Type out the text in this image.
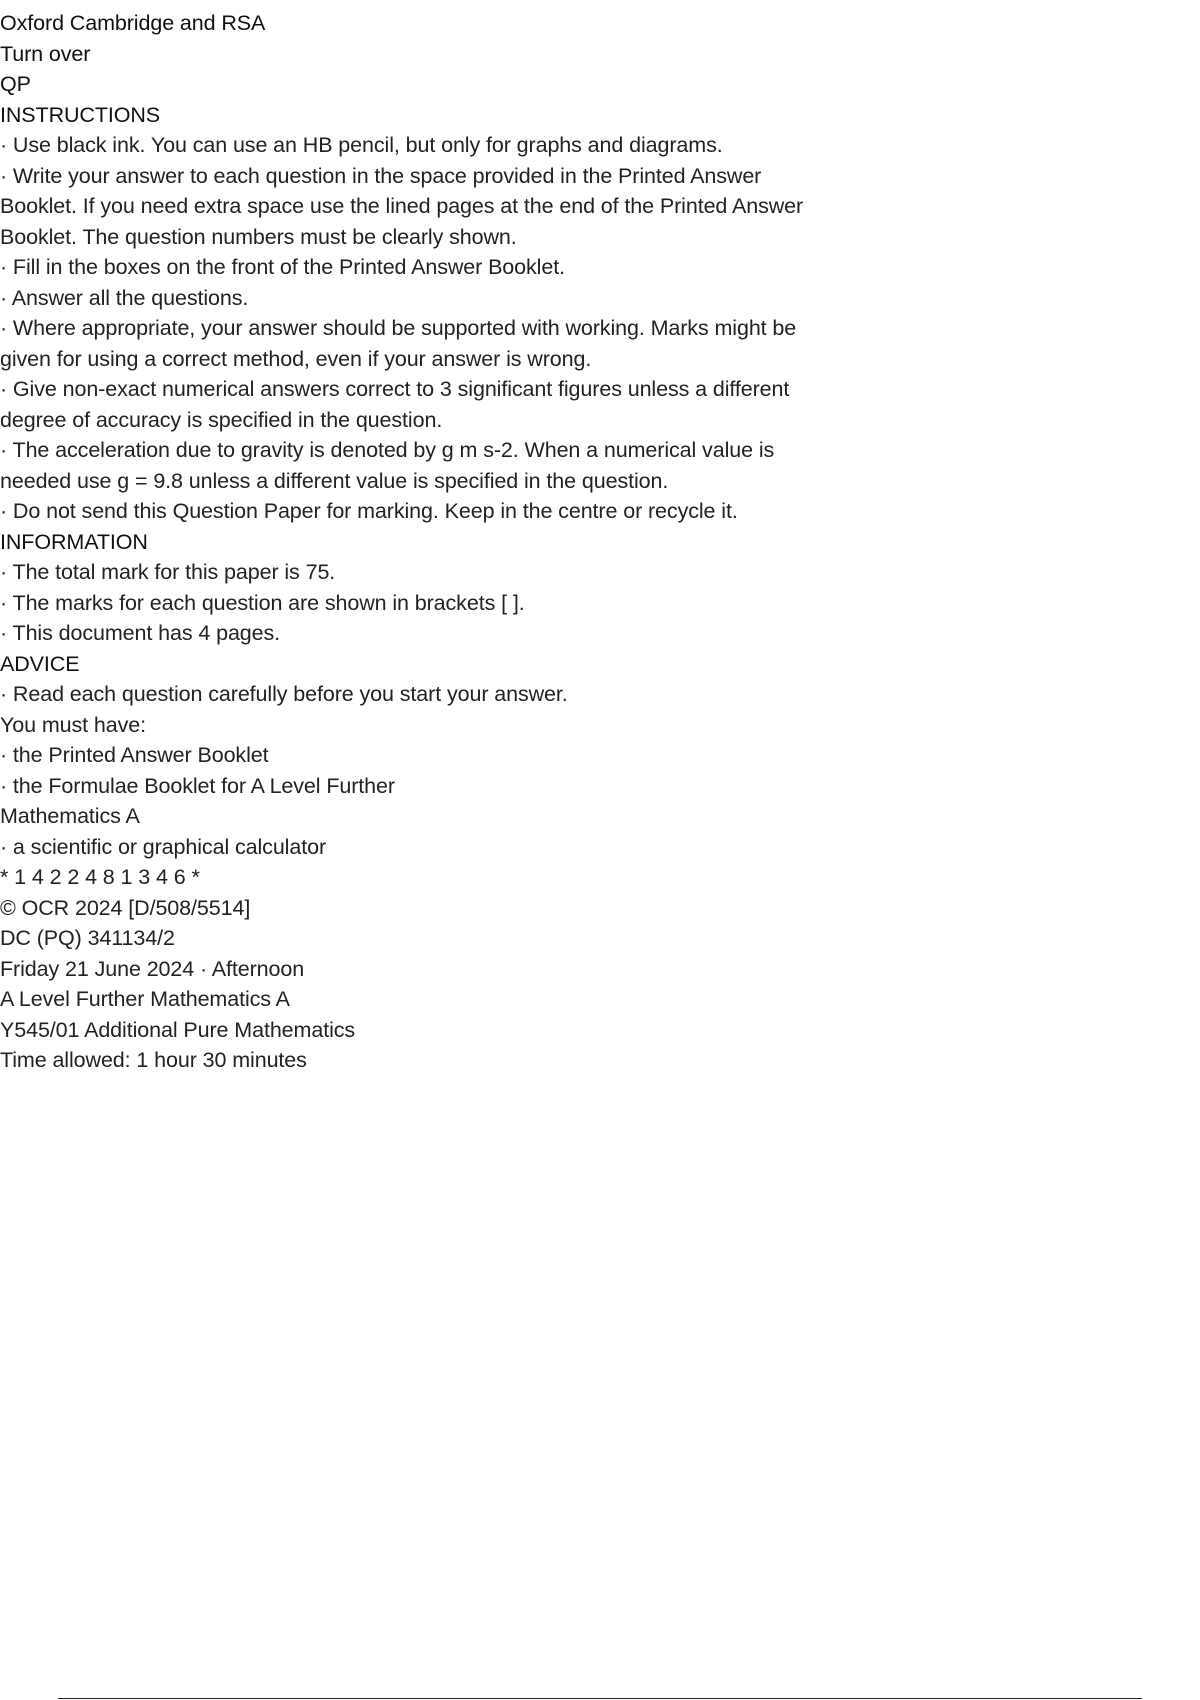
Oxford Cambridge and RSA
Turn over
QP
INSTRUCTIONS
· Use black ink. You can use an HB pencil, but only for graphs and diagrams.
· Write your answer to each question in the space provided in the Printed Answer
Booklet. If you need extra space use the lined pages at the end of the Printed Answer
Booklet. The question numbers must be clearly shown.
· Fill in the boxes on the front of the Printed Answer Booklet.
· Answer all the questions.
· Where appropriate, your answer should be supported with working. Marks might be
given for using a correct method, even if your answer is wrong.
· Give non-exact numerical answers correct to 3 significant figures unless a different
degree of accuracy is specified in the question.
· The acceleration due to gravity is denoted by g m s-2. When a numerical value is
needed use g = 9.8 unless a different value is specified in the question.
· Do not send this Question Paper for marking. Keep in the centre or recycle it.
INFORMATION
· The total mark for this paper is 75.
· The marks for each question are shown in brackets [ ].
· This document has 4 pages.
ADVICE
· Read each question carefully before you start your answer.
You must have:
· the Printed Answer Booklet
· the Formulae Booklet for A Level Further
Mathematics A
· a scientific or graphical calculator
* 1 4 2 2 4 8 1 3 4 6 *
© OCR 2024 [D/508/5514]
DC (PQ) 341134/2
Friday 21 June 2024 · Afternoon
A Level Further Mathematics A
Y545/01 Additional Pure Mathematics
Time allowed: 1 hour 30 minutes
